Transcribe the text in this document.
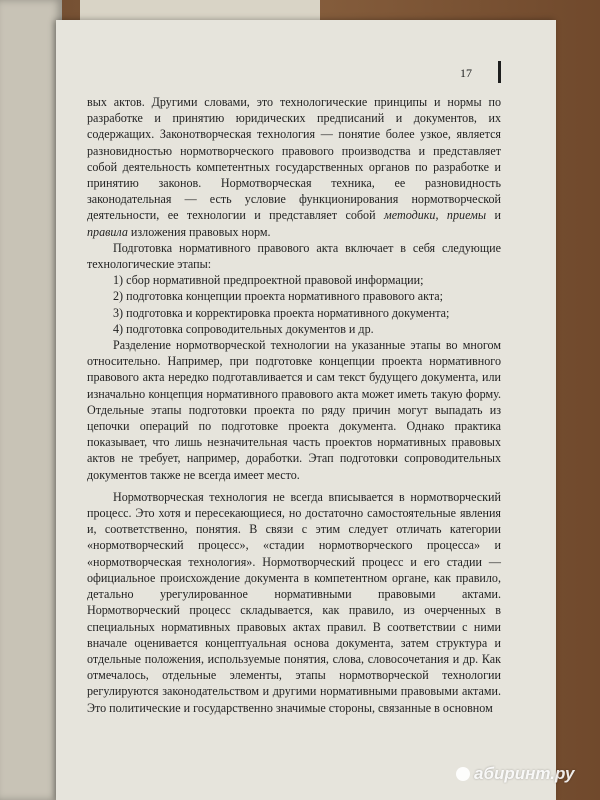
17

вых актов. Другими словами, это технологические принципы и нормы по разработке и принятию юридических предписаний и документов, их содержащих. Законотворческая технология — понятие более узкое, является разновидностью нормотворческого правового производства и представляет собой деятельность компетентных государственных органов по разработке и принятию законов. Нормотворческая техника, ее разновидность законодательная — есть условие функционирования нормотворческой деятельности, ее технологии и представляет собой методики, приемы и правила изложения правовых норм.

Подготовка нормативного правового акта включает в себя следующие технологические этапы:

1) сбор нормативной предпроектной правовой информации;

2) подготовка концепции проекта нормативного правового акта;

3) подготовка и корректировка проекта нормативного документа;

4) подготовка сопроводительных документов и др.

Разделение нормотворческой технологии на указанные этапы во многом относительно. Например, при подготовке концепции проекта нормативного правового акта нередко подготавливается и сам текст будущего документа, или изначально концепция нормативного правового акта может иметь такую форму. Отдельные этапы подготовки проекта по ряду причин могут выпадать из цепочки операций по подготовке проекта документа. Однако практика показывает, что лишь незначительная часть проектов нормативных правовых актов не требует, например, доработки. Этап подготовки сопроводительных документов также не всегда имеет место.

Нормотворческая технология не всегда вписывается в нормотворческий процесс. Это хотя и пересекающиеся, но достаточно самостоятельные явления и, соответственно, понятия. В связи с этим следует отличать категории «нормотворческий процесс», «стадии нормотворческого процесса» и «нормотворческая технология». Нормотворческий процесс и его стадии — официальное происхождение документа в компетентном органе, как правило, детально урегулированное нормативными правовыми актами. Нормотворческий процесс складывается, как правило, из очерченных в специальных нормативных правовых актах правил. В соответствии с ними вначале оценивается концептуальная основа документа, затем структура и отдельные положения, используемые понятия, слова, словосочетания и др. Как отмечалось, отдельные элементы, этапы нормотворческой технологии регулируются законодательством и другими нормативными правовыми актами. Это политические и государственно значимые стороны, связанные в основном

абиринт.ру
